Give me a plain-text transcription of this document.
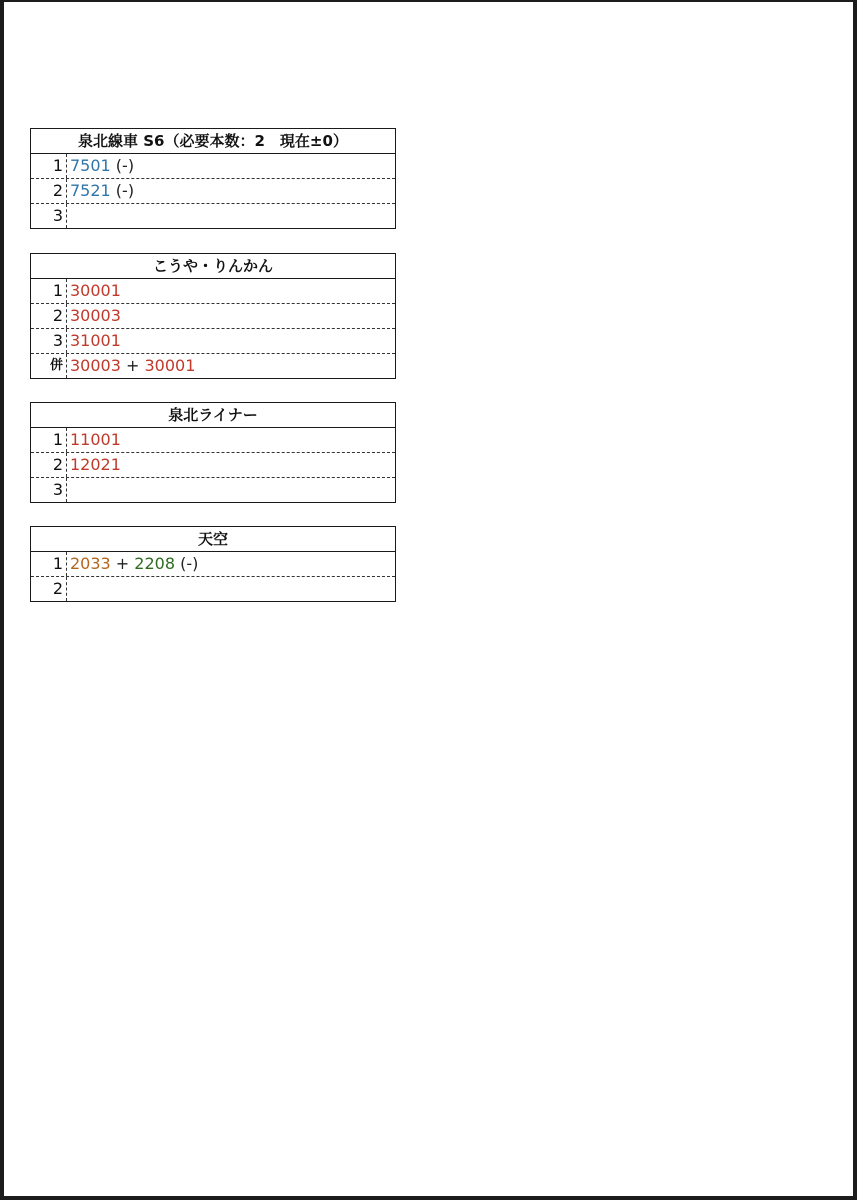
泉北線車 S6（必要本数：2　現在±0）
1 7501 (-)
2 7521 (-)
3
こうや・りんかん
1 30001
2 30003
3 31001
併 30003 + 30001
泉北ライナー
1 11001
2 12021
3
天空
1 2033 + 2208 (-)
2
